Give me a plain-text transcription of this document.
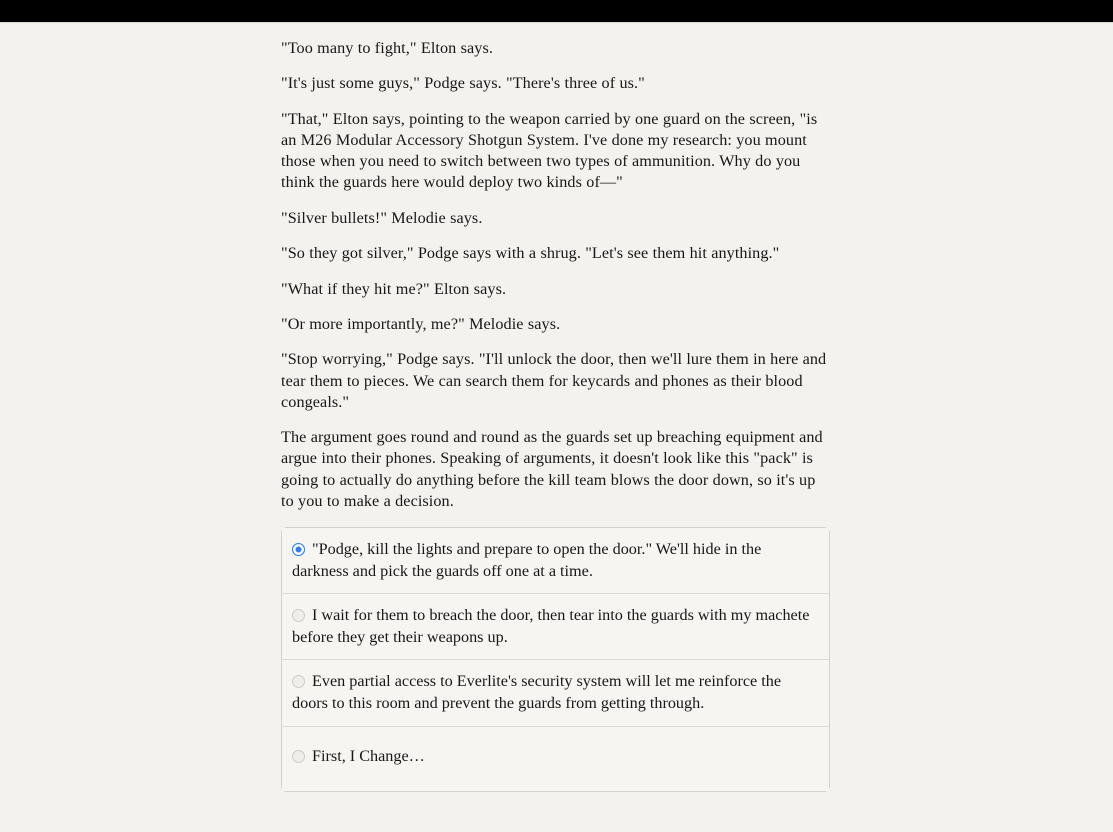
"Too many to fight," Elton says.

"It's just some guys," Podge says. "There's three of us."

"That," Elton says, pointing to the weapon carried by one guard on the screen, "is an M26 Modular Accessory Shotgun System. I've done my research: you mount those when you need to switch between two types of ammunition. Why do you think the guards here would deploy two kinds of—"

"Silver bullets!" Melodie says.

"So they got silver," Podge says with a shrug. "Let's see them hit anything."

"What if they hit me?" Elton says.

"Or more importantly, me?" Melodie says.

"Stop worrying," Podge says. "I'll unlock the door, then we'll lure them in here and tear them to pieces. We can search them for keycards and phones as their blood congeals."

The argument goes round and round as the guards set up breaching equipment and argue into their phones. Speaking of arguments, it doesn't look like this "pack" is going to actually do anything before the kill team blows the door down, so it's up to you to make a decision.

"Podge, kill the lights and prepare to open the door." We'll hide in the darkness and pick the guards off one at a time.
I wait for them to breach the door, then tear into the guards with my machete before they get their weapons up.
Even partial access to Everlite's security system will let me reinforce the doors to this room and prevent the guards from getting through.
First, I Change…
